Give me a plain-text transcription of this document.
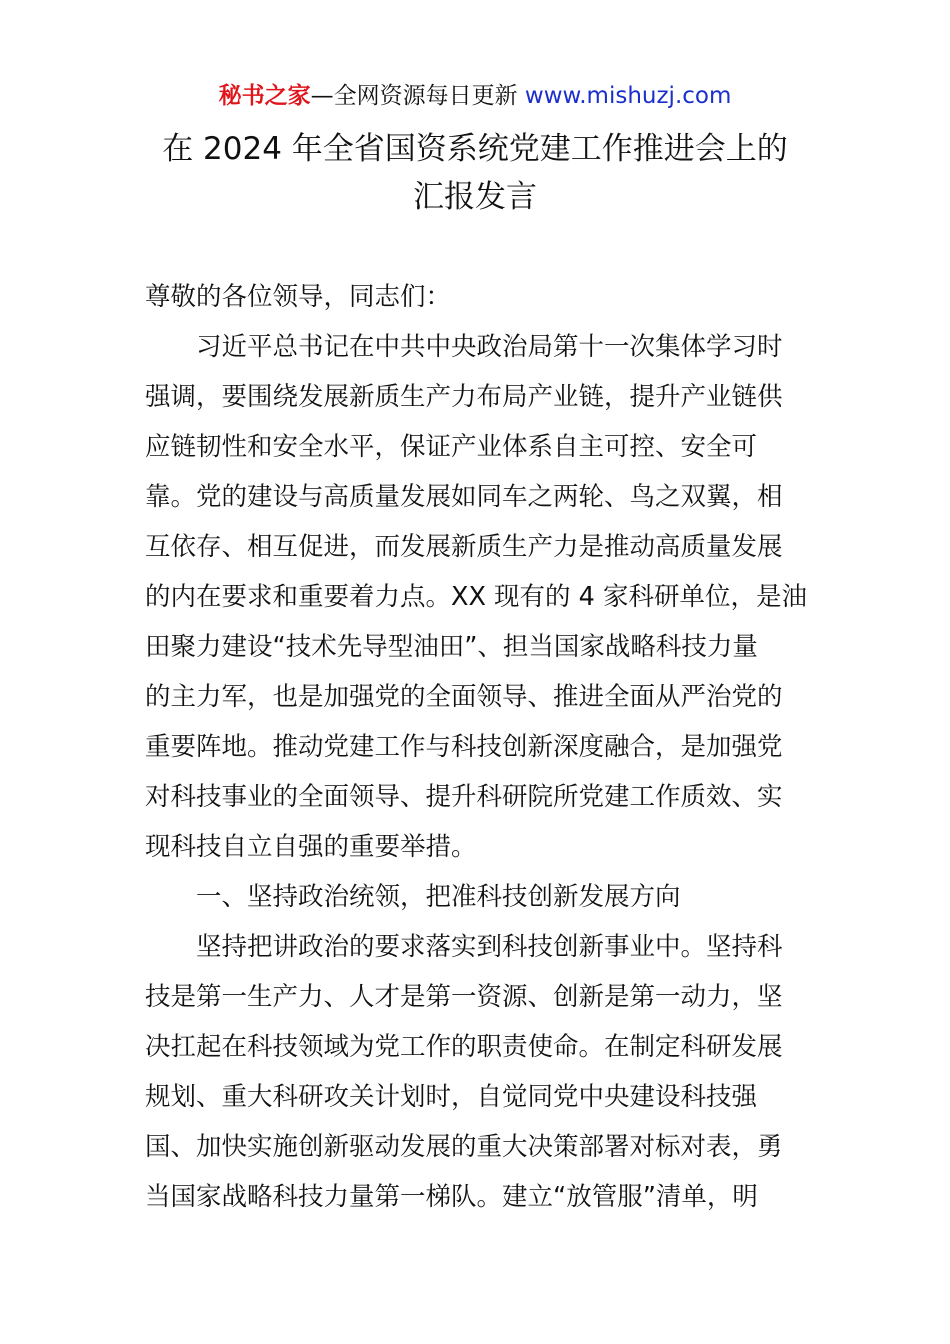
秘书之家—全网资源每日更新 www.mishuzj.com
在 2024 年全省国资系统党建工作推进会上的
汇报发言
尊敬的各位领导，同志们：
习近平总书记在中共中央政治局第十一次集体学习时
强调，要围绕发展新质生产力布局产业链，提升产业链供
应链韧性和安全水平，保证产业体系自主可控、安全可
靠。党的建设与高质量发展如同车之两轮、鸟之双翼，相
互依存、相互促进，而发展新质生产力是推动高质量发展
的内在要求和重要着力点。XX 现有的 4 家科研单位，是油
田聚力建设“技术先导型油田”、担当国家战略科技力量
的主力军，也是加强党的全面领导、推进全面从严治党的
重要阵地。推动党建工作与科技创新深度融合，是加强党
对科技事业的全面领导、提升科研院所党建工作质效、实
现科技自立自强的重要举措。
一、坚持政治统领，把准科技创新发展方向
坚持把讲政治的要求落实到科技创新事业中。坚持科
技是第一生产力、人才是第一资源、创新是第一动力，坚
决扛起在科技领域为党工作的职责使命。在制定科研发展
规划、重大科研攻关计划时，自觉同党中央建设科技强
国、加快实施创新驱动发展的重大决策部署对标对表，勇
当国家战略科技力量第一梯队。建立“放管服”清单，明
